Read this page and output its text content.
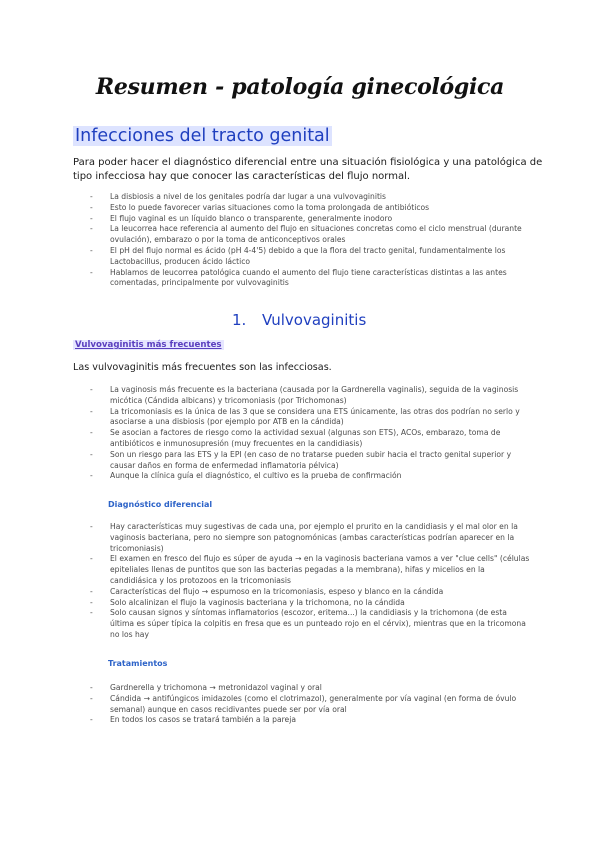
Resumen - patología ginecológica
Infecciones del tracto genital
Para poder hacer el diagnóstico diferencial entre una situación fisiológica y una patológica de tipo infecciosa hay que conocer las características del flujo normal.
- La disbiosis a nivel de los genitales podría dar lugar a una vulvovaginitis
- Esto lo puede favorecer varias situaciones como la toma prolongada de antibióticos
- El flujo vaginal es un líquido blanco o transparente, generalmente inodoro
- La leucorrea hace referencia al aumento del flujo en situaciones concretas como el ciclo menstrual (durante ovulación), embarazo o por la toma de anticonceptivos orales
- El pH del flujo normal es ácido (pH 4-4'5) debido a que la flora del tracto genital, fundamentalmente los Lactobacillus, producen ácido láctico
- Hablamos de leucorrea patológica cuando el aumento del flujo tiene características distintas a las antes comentadas, principalmente por vulvovaginitis
1. Vulvovaginitis
Vulvovaginitis más frecuentes
Las vulvovaginitis más frecuentes son las infecciosas.
- La vaginosis más frecuente es la bacteriana (causada por la Gardnerella vaginalis), seguida de la vaginosis micótica (Cándida albicans) y tricomoniasis (por Trichomonas)
- La tricomoniasis es la única de las 3 que se considera una ETS únicamente, las otras dos podrían no serlo y asociarse a una disbiosis (por ejemplo por ATB en la cándida)
- Se asocian a factores de riesgo como la actividad sexual (algunas son ETS), ACOs, embarazo, toma de antibióticos e inmunosupresión (muy frecuentes en la candidiasis)
- Son un riesgo para las ETS y la EPI (en caso de no tratarse pueden subir hacia el tracto genital superior y causar daños en forma de enfermedad inflamatoria pélvica)
- Aunque la clínica guía el diagnóstico, el cultivo es la prueba de confirmación
Diagnóstico diferencial
- Hay características muy sugestivas de cada una, por ejemplo el prurito en la candidiasis y el mal olor en la vaginosis bacteriana, pero no siempre son patognomónicas (ambas características podrían aparecer en la tricomoniasis)
- El examen en fresco del flujo es súper de ayuda → en la vaginosis bacteriana vamos a ver "clue cells" (células epiteliales llenas de puntitos que son las bacterias pegadas a la membrana), hifas y micelios en la candidiásica y los protozoos en la tricomoniasis
- Características del flujo → espumoso en la tricomoniasis, espeso y blanco en la cándida
- Solo alcalinizan el flujo la vaginosis bacteriana y la trichomona, no la cándida
- Solo causan signos y síntomas inflamatorios (escozor, eritema...) la candidiasis y la trichomona (de esta última es súper típica la colpitis en fresa que es un punteado rojo en el cérvix), mientras que en la tricomona no los hay
Tratamientos
- Gardnerella y trichomona → metronidazol vaginal y oral
- Cándida → antifúngicos imidazoles (como el clotrimazol), generalmente por vía vaginal (en forma de óvulo semanal) aunque en casos recidivantes puede ser por vía oral
- En todos los casos se tratará también a la pareja
